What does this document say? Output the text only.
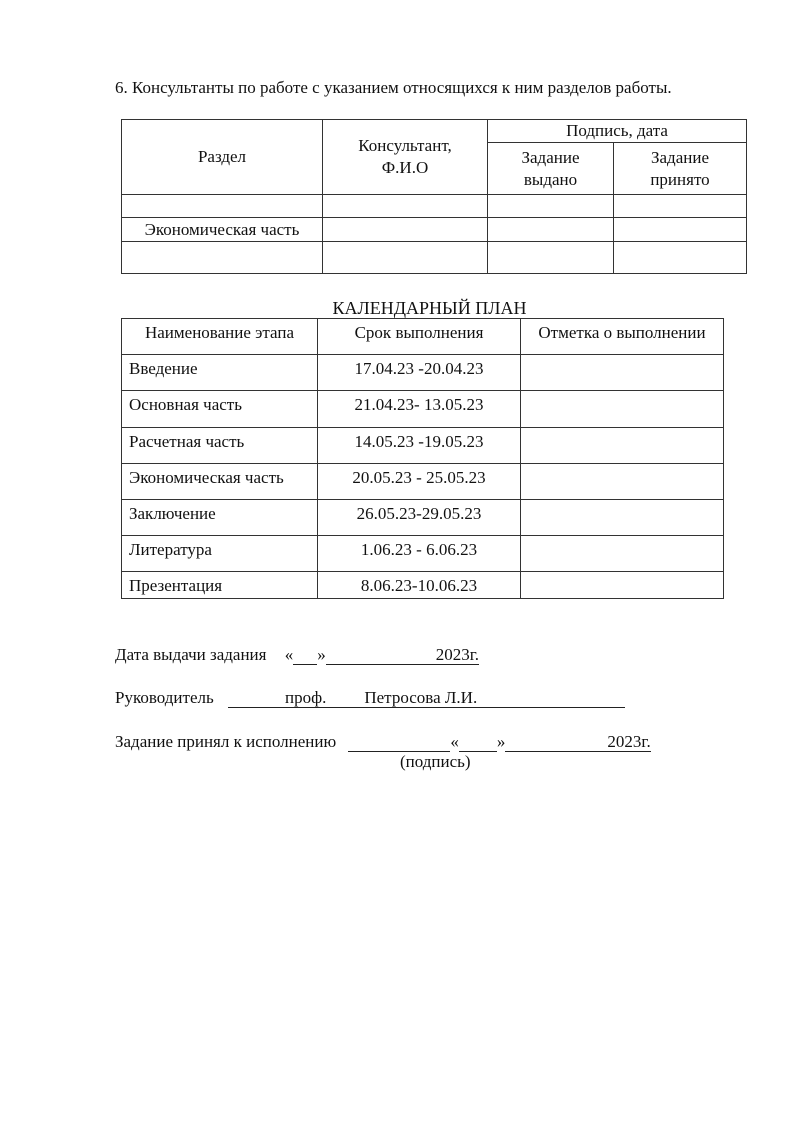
6. Консультанты по работе с указанием относящихся к ним разделов работы.
Раздел	Консультант, Ф.И.О	Подпись, дата	

		Задание выдано	Задание принято

Экономическая часть			

КАЛЕНДАРНЫЙ ПЛАН
Наименование этапа	Срок выполнения	Отметка о выполнении
Введение	17.04.23 -20.04.23	
Основная часть	21.04.23- 13.05.23	
Расчетная часть	14.05.23 -19.05.23	
Экономическая часть	20.05.23 - 25.05.23	
Заключение	26.05.23-29.05.23	
Литература	1.06.23 - 6.06.23	
Презентация	8.06.23-10.06.23	
Дата выдачи задания « »	2023г.
Руководитель	проф. Петросова Л.И.
Задание принял к исполнению	« »	2023г.
(подпись)
